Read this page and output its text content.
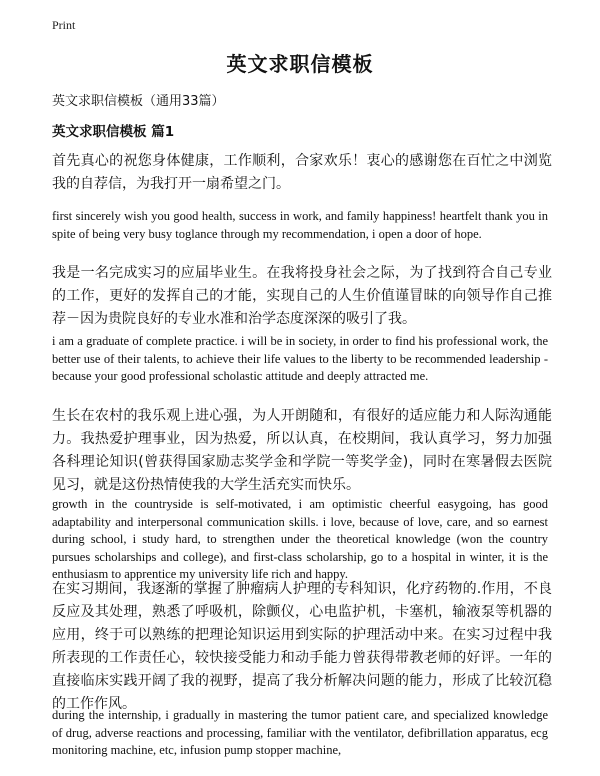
Print
英文求职信模板

英文求职信模板（通用33篇）

英文求职信模板 篇1

首先真心的祝您身体健康，工作顺利，合家欢乐！衷心的感谢您在百忙之中浏览我的自荐信，为我打开一扇希望之门。

first sincerely wish you good health, success in work, and family happiness! heartfelt thank you in spite of being very busy toglance through my recommendation, i open a door of hope.

我是一名完成实习的应届毕业生。在我将投身社会之际，为了找到符合自己专业的工作，更好的发挥自己的才能，实现自己的人生价值谨冒昧的向领导作自己推荐－因为贵院良好的专业水准和治学态度深深的吸引了我。

i am a graduate of complete practice. i will be in society, in order to find his professional work, the better use of their talents, to achieve their life values to the liberty to be recommended leadership - because your good professional scholastic attitude and deeply attracted me.

生长在农村的我乐观上进心强，为人开朗随和，有很好的适应能力和人际沟通能力。我热爱护理事业，因为热爱，所以认真，在校期间，我认真学习，努力加强各科理论知识(曾获得国家励志奖学金和学院一等奖学金)，同时在寒暑假去医院见习，就是这份热情使我的大学生活充实而快乐。

growth in the countryside is self-motivated, i am optimistic cheerful easygoing, has good adaptability and interpersonal communication skills. i love, because of love, care, and so earnest during school, i study hard, to strengthen under the theoretical knowledge (won the country pursues scholarships and college), and first-class scholarship, go to a hospital in winter, it is the enthusiasm to apprentice my university life rich and happy.

在实习期间，我逐渐的掌握了肿瘤病人护理的专科知识，化疗药物的.作用，不良反应及其处理，熟悉了呼吸机，除颤仪，心电监护机，卡塞机，输液泵等机器的应用，终于可以熟练的把理论知识运用到实际的护理活动中来。在实习过程中我所表现的工作责任心，较快接受能力和动手能力曾获得带教老师的好评。一年的直接临床实践开阔了我的视野，提高了我分析解决问题的能力，形成了比较沉稳的工作作风。

during the internship, i gradually in mastering the tumor patient care, and specialized knowledge of drug, adverse reactions and processing, familiar with the ventilator, defibrillation apparatus, ecg monitoring machine, etc, infusion pump stopper machine,
